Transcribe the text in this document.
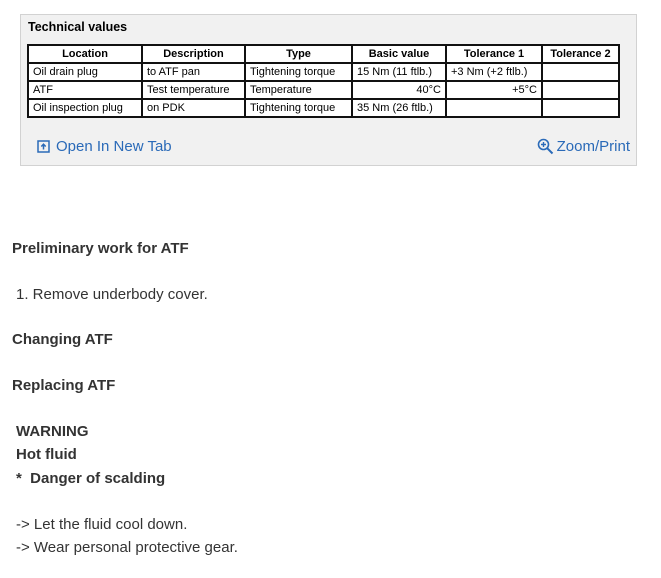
Technical values
Location	Description	Type	Basic value	Tolerance 1	Tolerance 2
Oil drain plug	to ATF pan	Tightening torque	15 Nm (11 ftlb.)	+3 Nm (+2 ftlb.)	
ATF	Test temperature	Temperature	40°C	+5°C	
Oil inspection plug	on PDK	Tightening torque	35 Nm (26 ftlb.)		
Open In New Tab	Zoom/Print
Preliminary work for ATF
1. Remove underbody cover.
Changing ATF
Replacing ATF
WARNING
Hot fluid
*  Danger of scalding
-> Let the fluid cool down.
-> Wear personal protective gear.
